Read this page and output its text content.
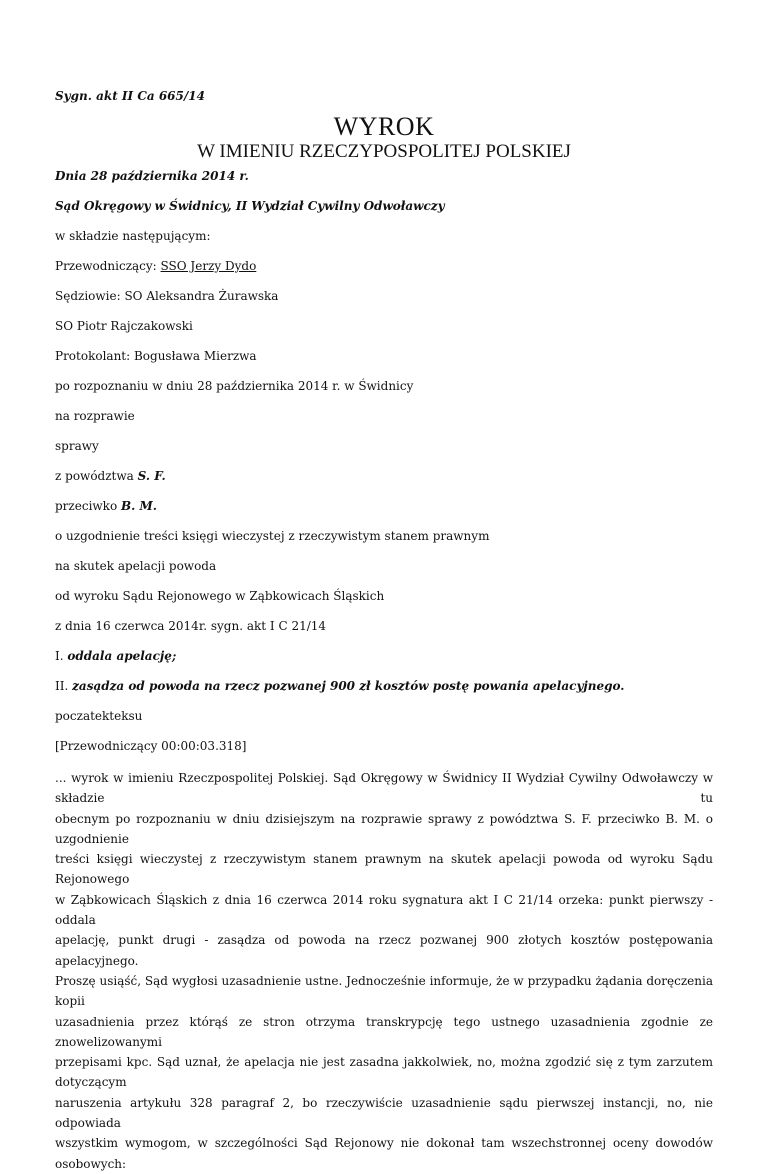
Sygn. akt II Ca 665/14
WYROK
W IMIENIU RZECZYPOSPOLITEJ POLSKIEJ
Dnia 28 października 2014 r.
Sąd Okręgowy w Świdnicy, II Wydział Cywilny Odwoławczy
w składzie następującym:
Przewodniczący: SSO Jerzy Dydo
Sędziowie: SO Aleksandra Żurawska
SO Piotr Rajczakowski
Protokolant: Bogusława Mierzwa
po rozpoznaniu w dniu 28 października 2014 r. w Świdnicy
na rozprawie
sprawy
z powództwa S. F.
przeciwko B. M.
o uzgodnienie treści księgi wieczystej z rzeczywistym stanem prawnym
na skutek apelacji powoda
od wyroku Sądu Rejonowego w Ząbkowicach Śląskich
z dnia 16 czerwca 2014r. sygn. akt I C 21/14
I. oddala apelację;
II. zasądza od powoda na rzecz pozwanej 900 zł kosztów postę powania apelacyjnego.
poczatekteksu
[Przewodniczący 00:00:03.318]
... wyrok w imieniu Rzeczpospolitej Polskiej. Sąd Okręgowy w Świdnicy II Wydział Cywilny Odwoławczy w składzie tu
obecnym po rozpoznaniu w dniu dzisiejszym na rozprawie sprawy z powództwa S. F. przeciwko B. M. o uzgodnienie
treści księgi wieczystej z rzeczywistym stanem prawnym na skutek apelacji powoda od wyroku Sądu Rejonowego
w Ząbkowicach Śląskich z dnia 16 czerwca 2014 roku sygnatura akt I C 21/14 orzeka: punkt pierwszy - oddala
apelację, punkt drugi - zasądza od powoda na rzecz pozwanej 900 złotych kosztów postępowania apelacyjnego.
Proszę usiąść, Sąd wygłosi uzasadnienie ustne. Jednocześnie informuje, że w przypadku żądania doręczenia kopii
uzasadnienia przez którąś ze stron otrzyma transkrypcję tego ustnego uzasadnienia zgodnie ze znowelizowanymi
przepisami kpc. Sąd uznał, że apelacja nie jest zasadna jakkolwiek, no, można zgodzić się z tym zarzutem dotyczącym
naruszenia artykułu 328 paragraf 2, bo rzeczywiście uzasadnienie sądu pierwszej instancji, no, nie odpowiada
wszystkim wymogom, w szczególności Sąd Rejonowy nie dokonał tam wszechstronnej oceny dowodów osobowych:
